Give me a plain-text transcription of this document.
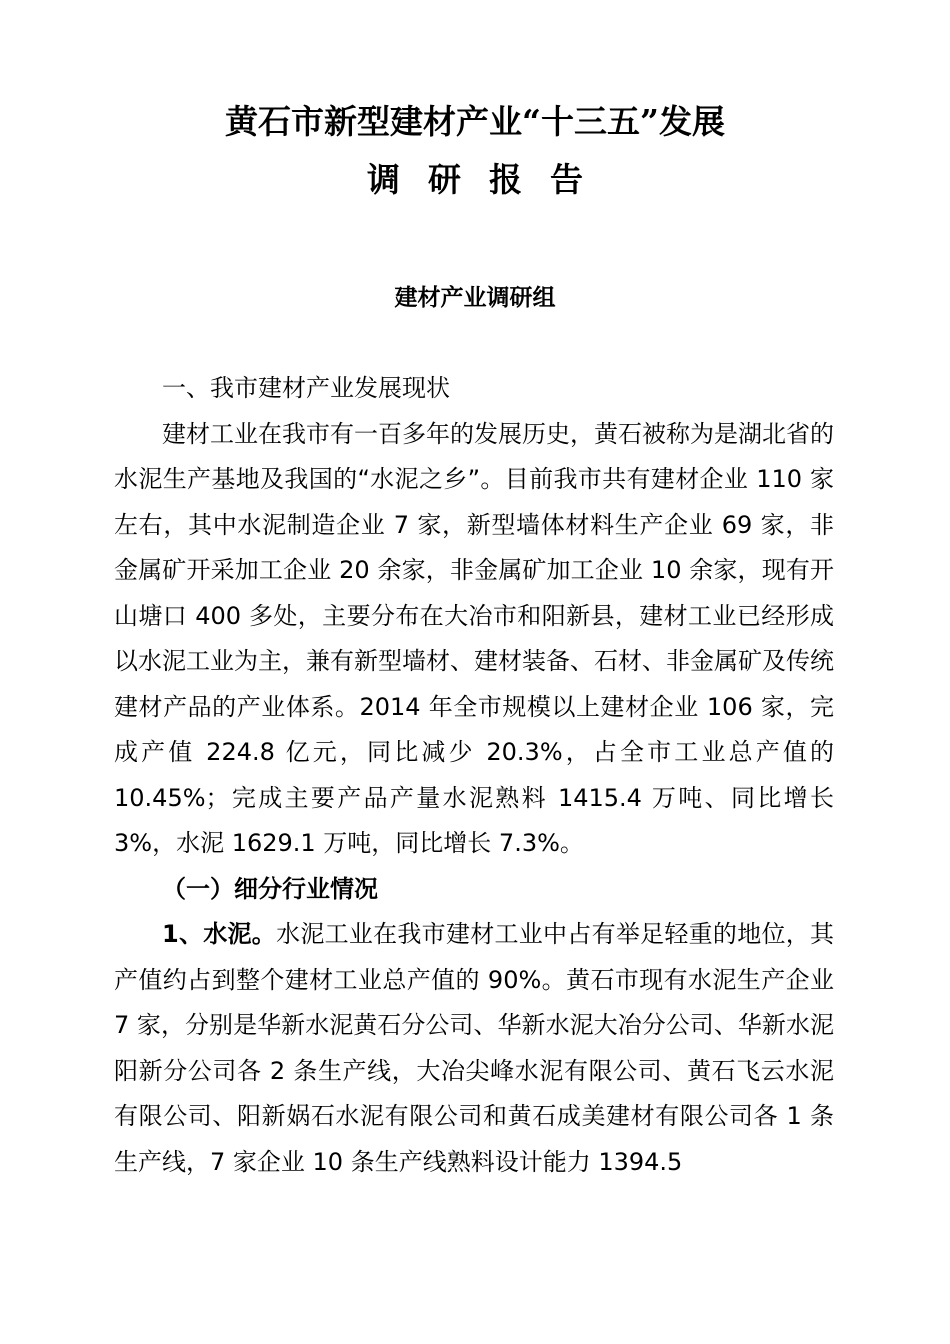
黄石市新型建材产业“十三五”发展
调研报告
建材产业调研组

一、我市建材产业发展现状

建材工业在我市有一百多年的发展历史，黄石被称为是湖北省的水泥生产基地及我国的“水泥之乡”。目前我市共有建材企业 110 家左右，其中水泥制造企业 7 家，新型墙体材料生产企业 69 家，非金属矿开采加工企业 20 余家，非金属矿加工企业 10 余家，现有开山塘口 400 多处，主要分布在大冶市和阳新县，建材工业已经形成以水泥工业为主，兼有新型墙材、建材装备、石材、非金属矿及传统建材产品的产业体系。2014 年全市规模以上建材企业 106 家，完成产值 224.8 亿元，同比减少 20.3%，占全市工业总产值的 10.45%；完成主要产品产量水泥熟料 1415.4 万吨、同比增长 3%，水泥 1629.1 万吨，同比增长 7.3%。

（一）细分行业情况

1、水泥。水泥工业在我市建材工业中占有举足轻重的地位，其产值约占到整个建材工业总产值的 90%。黄石市现有水泥生产企业 7 家，分别是华新水泥黄石分公司、华新水泥大冶分公司、华新水泥阳新分公司各 2 条生产线，大冶尖峰水泥有限公司、黄石飞云水泥有限公司、阳新娲石水泥有限公司和黄石成美建材有限公司各 1 条生产线，7 家企业 10 条生产线熟料设计能力 1394.5
